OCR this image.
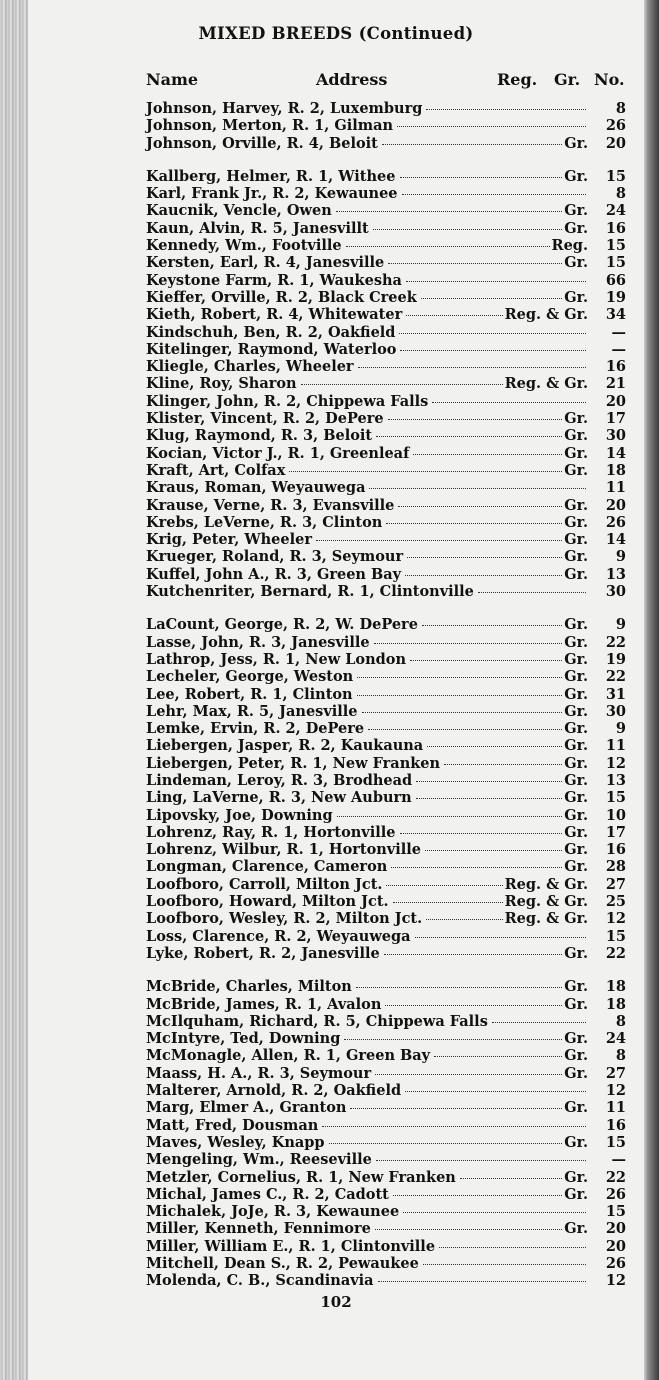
MIXED BREEDS (Continued)
Name	Address	Reg. Gr. No.
Johnson, Harvey, R. 2, Luxemburg	8
Johnson, Merton, R. 1, Gilman	26
Johnson, Orville, R. 4, Beloit	Gr.	20
Kallberg, Helmer, R. 1, Withee	Gr.	15
Karl, Frank Jr., R. 2, Kewaunee	8
Kaucnik, Vencle, Owen	Gr.	24
Kaun, Alvin, R. 5, Janesvillt	Gr.	16
Kennedy, Wm., Footville	Reg.	15
Kersten, Earl, R. 4, Janesville	Gr.	15
Keystone Farm, R. 1, Waukesha	66
Kieffer, Orville, R. 2, Black Creek	Gr.	19
Kieth, Robert, R. 4, Whitewater	Reg. & Gr.	34
Kindschuh, Ben, R. 2, Oakfield	—
Kitelinger, Raymond, Waterloo	—
Kliegle, Charles, Wheeler	16
Kline, Roy, Sharon	Reg. & Gr.	21
Klinger, John, R. 2, Chippewa Falls	20
Klister, Vincent, R. 2, DePere	Gr.	17
Klug, Raymond, R. 3, Beloit	Gr.	30
Kocian, Victor J., R. 1, Greenleaf	Gr.	14
Kraft, Art, Colfax	Gr.	18
Kraus, Roman, Weyauwega	11
Krause, Verne, R. 3, Evansville	Gr.	20
Krebs, LeVerne, R. 3, Clinton	Gr.	26
Krig, Peter, Wheeler	Gr.	14
Krueger, Roland, R. 3, Seymour	Gr.	9
Kuffel, John A., R. 3, Green Bay	Gr.	13
Kutchenriter, Bernard, R. 1, Clintonville	30
LaCount, George, R. 2, W. DePere	Gr.	9
Lasse, John, R. 3, Janesville	Gr.	22
Lathrop, Jess, R. 1, New London	Gr.	19
Lecheler, George, Weston	Gr.	22
Lee, Robert, R. 1, Clinton	Gr.	31
Lehr, Max, R. 5, Janesville	Gr.	30
Lemke, Ervin, R. 2, DePere	Gr.	9
Liebergen, Jasper, R. 2, Kaukauna	Gr.	11
Liebergen, Peter, R. 1, New Franken	Gr.	12
Lindeman, Leroy, R. 3, Brodhead	Gr.	13
Ling, LaVerne, R. 3, New Auburn	Gr.	15
Lipovsky, Joe, Downing	Gr.	10
Lohrenz, Ray, R. 1, Hortonville	Gr.	17
Lohrenz, Wilbur, R. 1, Hortonville	Gr.	16
Longman, Clarence, Cameron	Gr.	28
Loofboro, Carroll, Milton Jct.	Reg. & Gr.	27
Loofboro, Howard, Milton Jct.	Reg. & Gr.	25
Loofboro, Wesley, R. 2, Milton Jct.	Reg. & Gr.	12
Loss, Clarence, R. 2, Weyauwega	15
Lyke, Robert, R. 2, Janesville	Gr.	22
McBride, Charles, Milton	Gr.	18
McBride, James, R. 1, Avalon	Gr.	18
McIlquham, Richard, R. 5, Chippewa Falls	8
McIntyre, Ted, Downing	Gr.	24
McMonagle, Allen, R. 1, Green Bay	Gr.	8
Maass, H. A., R. 3, Seymour	Gr.	27
Malterer, Arnold, R. 2, Oakfield	12
Marg, Elmer A., Granton	Gr.	11
Matt, Fred, Dousman	16
Maves, Wesley, Knapp	Gr.	15
Mengeling, Wm., Reeseville	—
Metzler, Cornelius, R. 1, New Franken	Gr.	22
Michal, James C., R. 2, Cadott	Gr.	26
Michalek, JoJe, R. 3, Kewaunee	15
Miller, Kenneth, Fennimore	Gr.	20
Miller, William E., R. 1, Clintonville	20
Mitchell, Dean S., R. 2, Pewaukee	26
Molenda, C. B., Scandinavia	12
102
